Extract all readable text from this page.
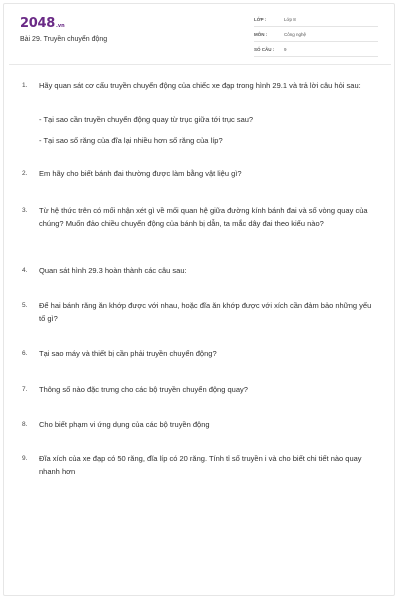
2048.vn
Bài 29. Truyền chuyển động
LỚP :	Lớp 8
MÔN :	Công nghệ
SỐ CÂU : 9
1. Hãy quan sát cơ cấu truyền chuyển động của chiếc xe đạp trong hình 29.1 và trả lời câu hỏi sau:
- Tại sao cần truyền chuyển động quay từ trục giữa tới trục sau?
- Tại sao số răng của đĩa lại nhiều hơn số răng của líp?
2. Em hãy cho biết bánh đai thường được làm bằng vật liệu gì?
3. Từ hệ thức trên có mối nhận xét gì về mối quan hệ giữa đường kính bánh đai và số vòng quay của chúng? Muốn đảo chiều chuyển động của bánh bị dẫn, ta mắc dây đai theo kiểu nào?
4. Quan sát hình 29.3 hoàn thành các câu sau:
5. Để hai bánh răng ăn khớp được với nhau, hoặc đĩa ăn khớp được với xích cần đảm bảo những yếu tố gì?
6. Tại sao máy và thiết bị cần phải truyền chuyển động?
7. Thông số nào đặc trưng cho các bộ truyền chuyển động quay?
8. Cho biết phạm vi ứng dụng của các bộ truyền động
9. Đĩa xích của xe đạp có 50 răng, đĩa líp có 20 răng. Tính tỉ số truyền i và cho biết chi tiết nào quay nhanh hơn
